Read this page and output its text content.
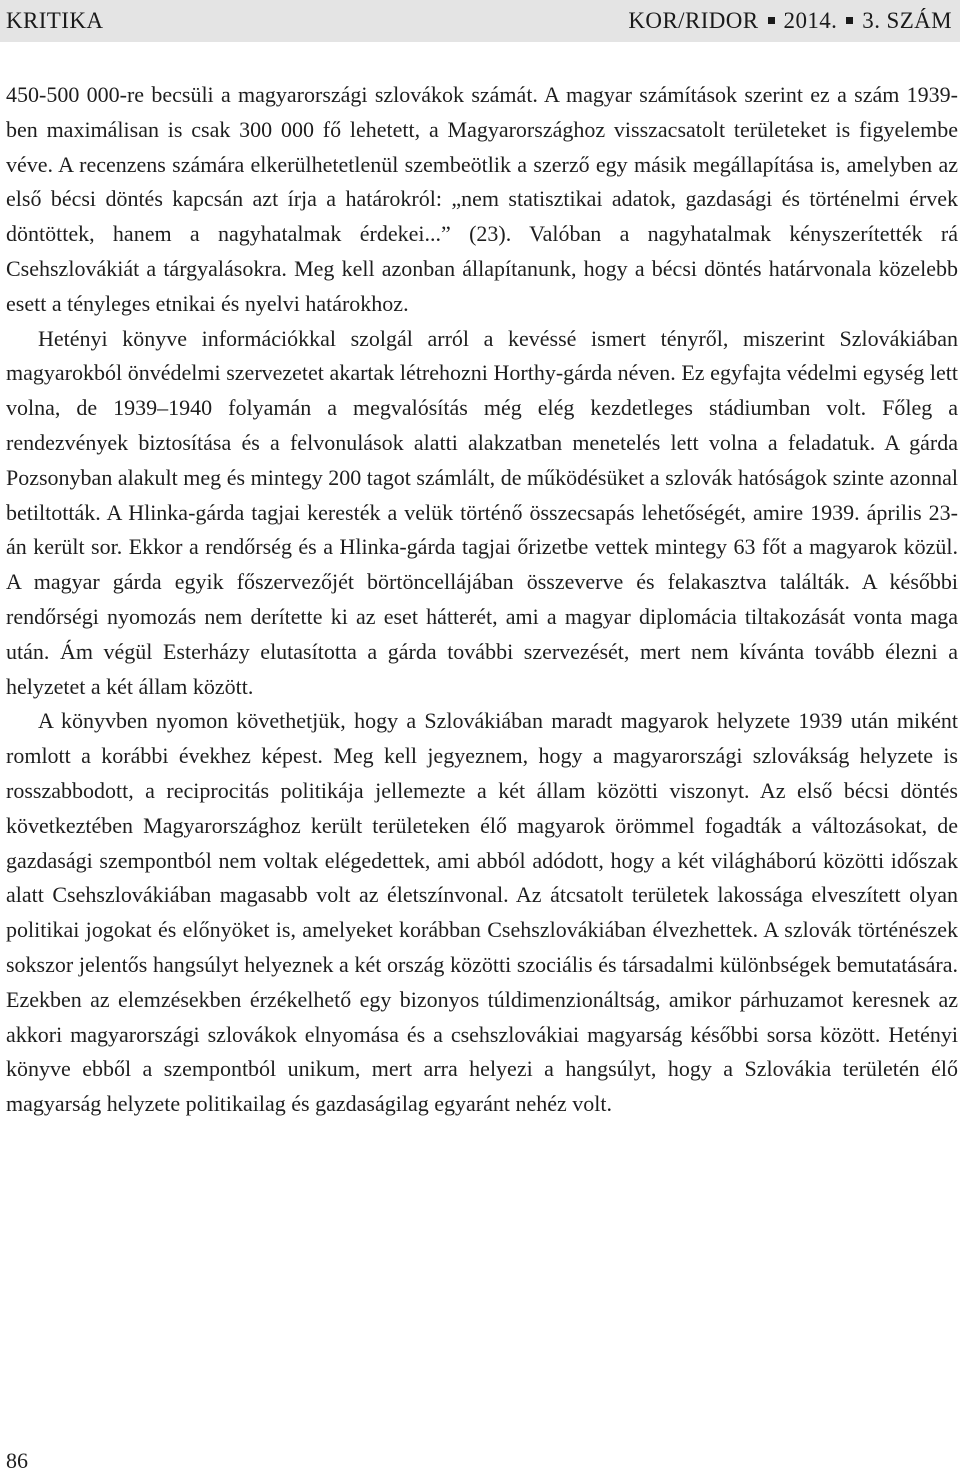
KRITIKA	KOR/RIDOR 2014. 3. SZÁM

450-500 000-re becsüli a magyarországi szlovákok számát. A magyar számítások szerint ez a szám 1939-ben maximálisan is csak 300 000 fő lehetett, a Magyarországhoz visszacsatolt területeket is figyelembe véve. A recenzens számára elkerülhetetlenül szembeötlik a szerző egy másik megállapítása is, amelyben az első bécsi döntés kapcsán azt írja a határokról: „nem statisztikai adatok, gazdasági és történelmi érvek döntöttek, hanem a nagyhatalmak érdekei...” (23). Valóban a nagyhatalmak kényszerítették rá Csehszlovákiát a tárgyalásokra. Meg kell azonban állapítanunk, hogy a bécsi döntés határvonala közelebb esett a tényleges etnikai és nyelvi határokhoz.

Hetényi könyve információkkal szolgál arról a kevéssé ismert tényről, miszerint Szlovákiában magyarokból önvédelmi szervezetet akartak létrehozni Horthy-gárda néven. Ez egyfajta védelmi egység lett volna, de 1939–1940 folyamán a megvalósítás még elég kezdetleges stádiumban volt. Főleg a rendezvények biztosítása és a felvonulások alatti alakzatban menetelés lett volna a feladatuk. A gárda Pozsonyban alakult meg és mintegy 200 tagot számlált, de működésüket a szlovák hatóságok szinte azonnal betiltották. A Hlinka-gárda tagjai keresték a velük történő összecsapás lehetőségét, amire 1939. április 23-án került sor. Ekkor a rendőrség és a Hlinka-gárda tagjai őrizetbe vettek mintegy 63 főt a magyarok közül. A magyar gárda egyik főszervezőjét börtöncellájában összeverve és felakasztva találták. A későbbi rendőrségi nyomozás nem derítette ki az eset hátterét, ami a magyar diplomácia tiltakozását vonta maga után. Ám végül Esterházy elutasította a gárda további szervezését, mert nem kívánta tovább élezni a helyzetet a két állam között.

A könyvben nyomon követhetjük, hogy a Szlovákiában maradt magyarok helyzete 1939 után miként romlott a korábbi évekhez képest. Meg kell jegyeznem, hogy a magyarországi szlovákság helyzete is rosszabbodott, a reciprocitás politikája jellemezte a két állam közötti viszonyt. Az első bécsi döntés következtében Magyarországhoz került területeken élő magyarok örömmel fogadták a változásokat, de gazdasági szempontból nem voltak elégedettek, ami abból adódott, hogy a két világháború közötti időszak alatt Csehszlovákiában magasabb volt az életszínvonal. Az átcsatolt területek lakossága elveszített olyan politikai jogokat és előnyöket is, amelyeket korábban Csehszlovákiában élvezhettek. A szlovák történészek sokszor jelentős hangsúlyt helyeznek a két ország közötti szociális és társadalmi különbségek bemutatására. Ezekben az elemzésekben érzékelhető egy bizonyos túldimenzionáltság, amikor párhuzamot keresnek az akkori magyarországi szlovákok elnyomása és a csehszlovákiai magyarság későbbi sorsa között. Hetényi könyve ebből a szempontból unikum, mert arra helyezi a hangsúlyt, hogy a Szlovákia területén élő magyarság helyzete politikailag és gazdaságilag egyaránt nehéz volt.

86
